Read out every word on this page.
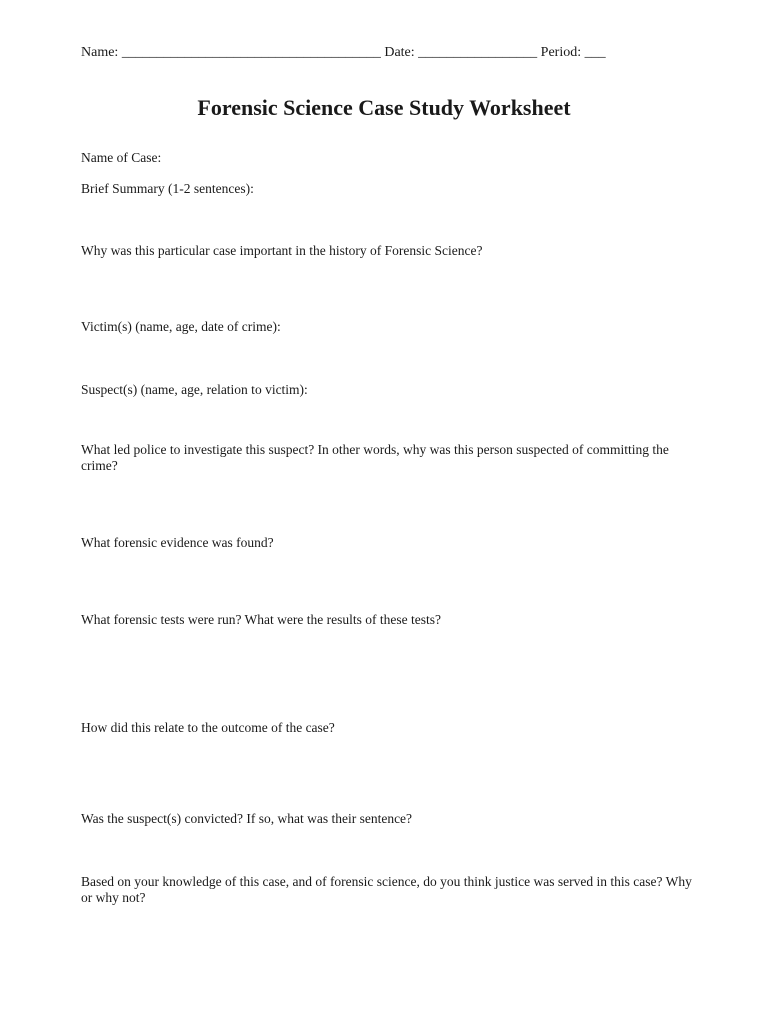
Name: _____________________________________ Date: _________________ Period: ___
Forensic Science Case Study Worksheet

Name of Case:

Brief Summary (1-2 sentences):

Why was this particular case important in the history of Forensic Science?

Victim(s) (name, age, date of crime):

Suspect(s) (name, age, relation to victim):

What led police to investigate this suspect? In other words, why was this person suspected of committing the crime?

What forensic evidence was found?

What forensic tests were run? What were the results of these tests?

How did this relate to the outcome of the case?

Was the suspect(s) convicted? If so, what was their sentence?

Based on your knowledge of this case, and of forensic science, do you think justice was served in this case? Why or why not?
